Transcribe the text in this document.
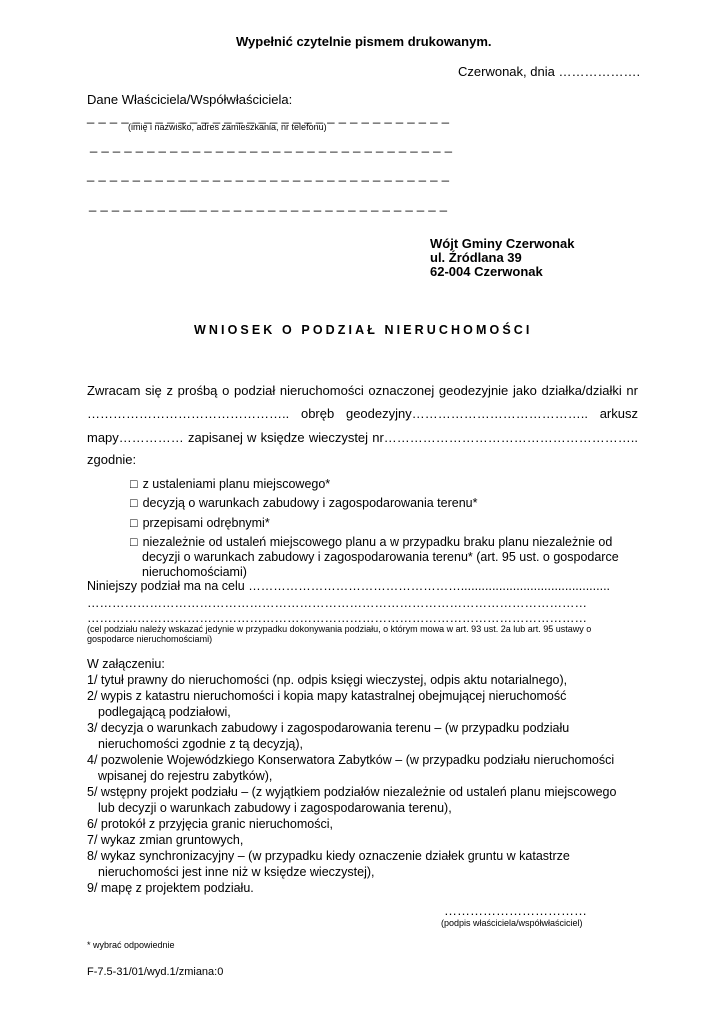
Wypełnić czytelnie pismem drukowanym.
Czerwonak, dnia ……………….
Dane Właściciela/Współwłaściciela:
_ _ _ _ _ _ _ _ _ _ _ _ _ _ _ _ _ _ _ _ _ _ _ _ _ _ _ _ _ _ _ _
(imię i nazwisko, adres zamieszkania, nr telefonu)
_ _ _ _ _ _ _ _ _ _ _ _ _ _ _ _ _ _ _ _ _ _ _ _ _ _ _ _ _ _ _ _
_ _ _ _ _ _ _ _ _ _ _ _ _ _ _ _ _ _ _ _ _ _ _ _ _ _ _ _ _ _ _ _
_ _ _ _ _ _ _ _ __ _ _ _ _ _ _ _ _ _ _ _ _ _ _ _ _ _ _ _ _ _ _
Wójt Gminy Czerwonak
ul. Źródlana 39
62-004 Czerwonak
WNIOSEK O PODZIAŁ NIERUCHOMOŚCI
Zwracam się z prośbą o podział nieruchomości oznaczonej geodezyjnie jako działka/działki nr
……………………………………….. obręb geodezyjny………………………………….. arkusz
mapy…………… zapisanej w księdze wieczystej nr…………………………………………………..
zgodnie:
□ z ustaleniami planu miejscowego*
□ decyzją o warunkach zabudowy i zagospodarowania terenu*
□ przepisami odrębnymi*
□ niezależnie od ustaleń miejscowego planu a w przypadku braku planu niezależnie od
decyzji o warunkach zabudowy i zagospodarowania terenu* (art. 95 ust. o gospodarce
nieruchomościami)
Niniejszy podział ma na celu ……………………………………………...........................................
…………………………………………………………………………………………………………
…………………………………………………………………………………………………………
(cel podziału należy wskazać jedynie w przypadku dokonywania podziału, o którym mowa w art. 93 ust. 2a lub art. 95 ustawy o
gospodarce nieruchomościami)
W załączeniu:
1/ tytuł prawny do nieruchomości (np. odpis księgi wieczystej, odpis aktu notarialnego),
2/ wypis z katastru nieruchomości i kopia mapy katastralnej obejmującej nieruchomość
podlegającą podziałowi,
3/ decyzja o warunkach zabudowy i zagospodarowania terenu – (w przypadku podziału
nieruchomości zgodnie z tą decyzją),
4/ pozwolenie Wojewódzkiego Konserwatora Zabytków – (w przypadku podziału nieruchomości
wpisanej do rejestru zabytków),
5/ wstępny projekt podziału – (z wyjątkiem podziałów niezależnie od ustaleń planu miejscowego
lub decyzji o warunkach zabudowy i zagospodarowania terenu),
6/ protokół z przyjęcia granic nieruchomości,
7/ wykaz zmian gruntowych,
8/ wykaz synchronizacyjny – (w przypadku kiedy oznaczenie działek gruntu w katastrze
nieruchomości jest inne niż w księdze wieczystej),
9/ mapę z projektem podziału.
……………………………
(podpis właściciela/współwłaściciel)
* wybrać odpowiednie
F-7.5-31/01/wyd.1/zmiana:0
